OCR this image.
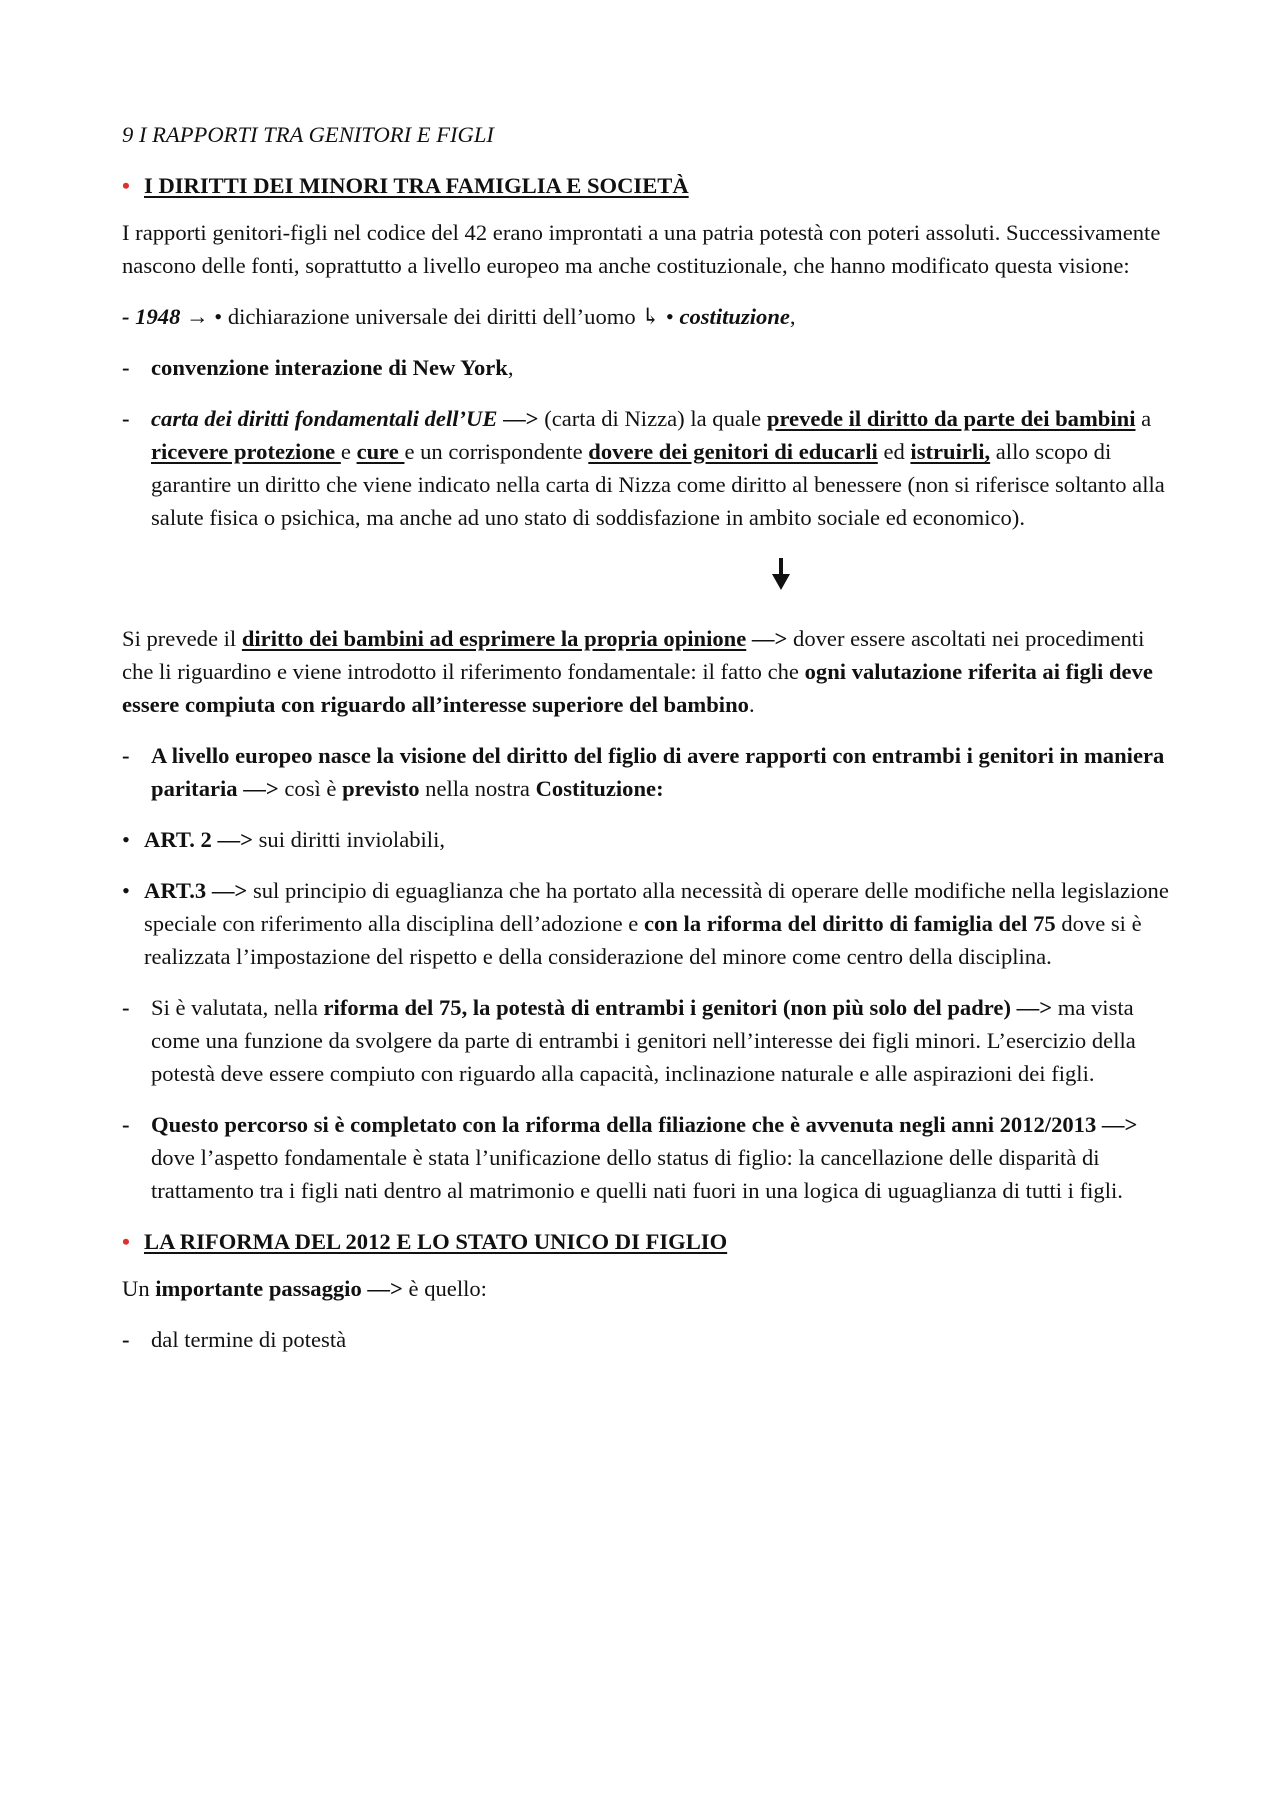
9 I RAPPORTI TRA GENITORI E FIGLI

• I DIRITTI DEI MINORI TRA FAMIGLIA E SOCIETÀ

I rapporti genitori-figli nel codice del 42 erano improntati a una patria potestà con poteri assoluti. Successivamente nascono delle fonti, soprattutto a livello europeo ma anche costituzionale, che hanno modificato questa visione:

- 1948 → • dichiarazione universale dei diritti dell’uomo ↳ • costituzione,

- convenzione interazione di New York,
- carta dei diritti fondamentali dell’UE —> (carta di Nizza) la quale prevede il diritto da parte dei bambini a ricevere protezione e cure e un corrispondente dovere dei genitori di educarli ed istruirli, allo scopo di garantire un diritto che viene indicato nella carta di Nizza come diritto al benessere (non si riferisce soltanto alla salute fisica o psichica, ma anche ad uno stato di soddisfazione in ambito sociale ed economico).

Si prevede il diritto dei bambini ad esprimere la propria opinione —> dover essere ascoltati nei procedimenti che li riguardino e viene introdotto il riferimento fondamentale: il fatto che ogni valutazione riferita ai figli deve essere compiuta con riguardo all’interesse superiore del bambino.

- A livello europeo nasce la visione del diritto del figlio di avere rapporti con entrambi i genitori in maniera paritaria —> così è previsto nella nostra Costituzione:
• ART. 2 —> sui diritti inviolabili,
• ART.3 —> sul principio di eguaglianza che ha portato alla necessità di operare delle modifiche nella legislazione speciale con riferimento alla disciplina dell’adozione e con la riforma del diritto di famiglia del 75 dove si è realizzata l’impostazione del rispetto e della considerazione del minore come centro della disciplina.
- Si è valutata, nella riforma del 75, la potestà di entrambi i genitori (non più solo del padre) —> ma vista come una funzione da svolgere da parte di entrambi i genitori nell’interesse dei figli minori. L’esercizio della potestà deve essere compiuto con riguardo alla capacità, inclinazione naturale e alle aspirazioni dei figli.
- Questo percorso si è completato con la riforma della filiazione che è avvenuta negli anni 2012/2013 —> dove l’aspetto fondamentale è stata l’unificazione dello status di figlio: la cancellazione delle disparità di trattamento tra i figli nati dentro al matrimonio e quelli nati fuori in una logica di uguaglianza di tutti i figli.
• LA RIFORMA DEL 2012 E LO STATO UNICO DI FIGLIO

Un importante passaggio —> è quello:

- dal termine di potestà
